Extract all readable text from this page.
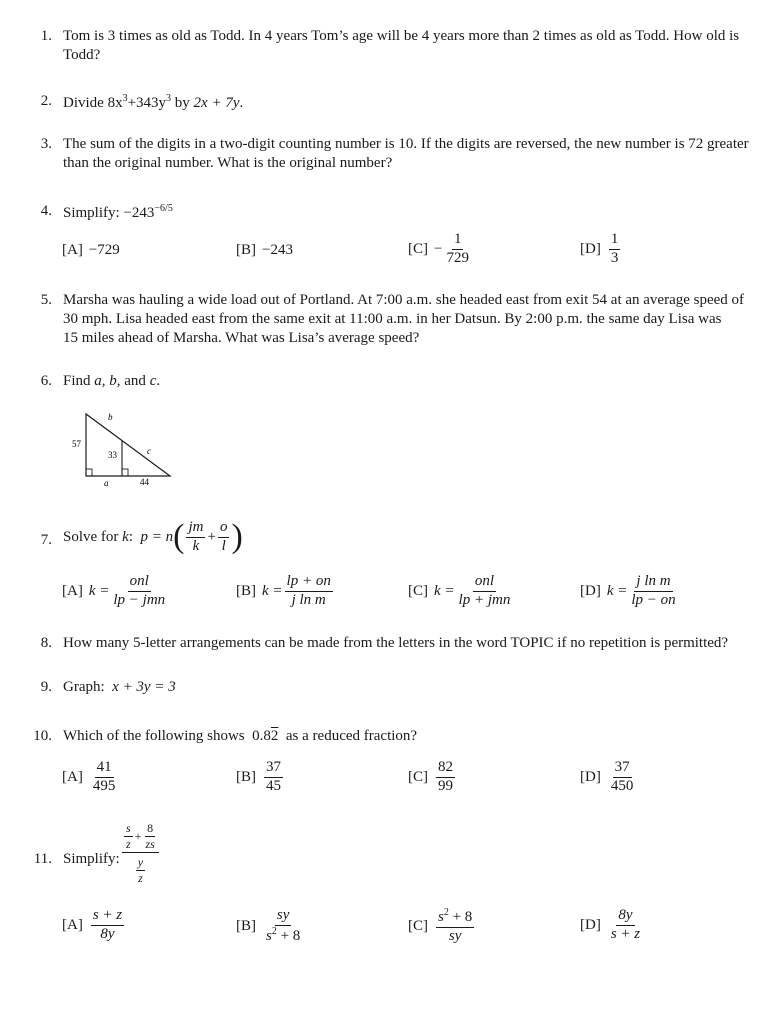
1. Tom is 3 times as old as Todd. In 4 years Tom’s age will be 4 years more than 2 times as old as Todd. How old is
Todd?
2. Divide $8x^3+343y^3$ by 2x + 7y.
3. The sum of the digits in a two-digit counting number is 10. If the digits are reversed, the new number is 72 greater
than the original number. What is the original number?
4. Simplify: $-243^{-6/5}$
[A] −729	[B] −243	$[C] - \frac{1}{729}$	$[D] \frac{1}{3}$
5. Marsha was hauling a wide load out of Portland. At 7:00 a.m. she headed east from exit 54 at an average speed of
30 mph. Lisa headed east from the same exit at 11:00 a.m. in her Datsun. By 2:00 p.m. the same day Lisa was
15 miles ahead of Marsha. What was Lisa’s average speed?
6. Find a, b, and c.
b
c
a
57
33
44
7. Solve for
k :
p = n ( $\frac{jm}{k} + \frac{o}{l}$ )
[A] $k = \frac{\text{onl}}{\text{lp − jmn}}$	[B] $k = \frac{lp + on}{\text{j ln m}}$	[C] $k = \frac{\text{onl}}{\text{lp + jmn}}$	[D] $k = \frac{\text{j ln m}}{lp - on}$
8. How many 5-letter arrangements can be made from the letters in the word TOPIC if no repetition is permitted?
9. Graph: x + 3y = 3
10. Which of the following shows 0.82 as a reduced fraction?
$[A] \frac{41}{495}$	$[B] \frac{37}{45}$	$[C] \frac{82}{99}$	$[D] \frac{37}{450}$
11. Simplify:
$\frac{s}{z} + \frac{8}{zs}$
$\frac{y}{z}$
$[A] \frac{s + z}{8y}$	$[B] \frac{sy}{s^2 + 8}$	$[C] \frac{s^2 + 8}{sy}$	$[D] \frac{8y}{s + z}$
